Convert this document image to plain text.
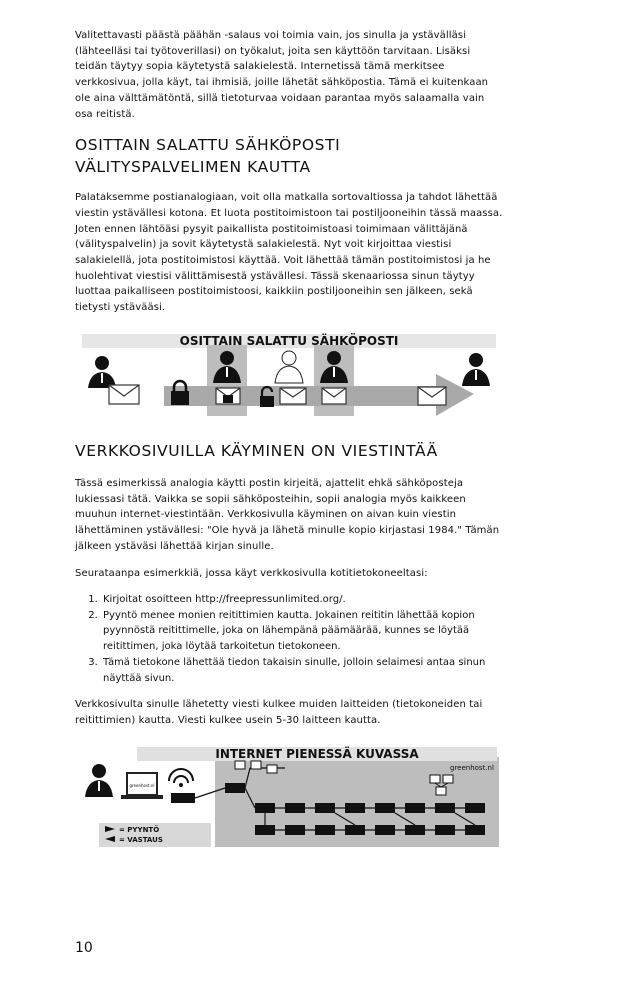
Valitettavasti päästä päähän -salaus voi toimia vain, jos sinulla ja ystävälläsi (lähteelläsi tai työtoverillasi) on työkalut, joita sen käyttöön tarvitaan. Lisäksi teidän täytyy sopia käytetystä salakielestä. Internetissä tämä merkitsee verkkosivua, jolla käyt, tai ihmisiä, joille lähetät sähköpostia. Tämä ei kuitenkaan ole aina välttämätöntä, sillä tietoturvaa voidaan parantaa myös salaamalla vain osa reitistä.

OSITTAIN SALATTU SÄHKÖPOSTI VÄLITYSPALVELIMEN KAUTTA

Palataksemme postianalogiaan, voit olla matkalla sortovaltiossa ja tahdot lähettää viestin ystävällesi kotona. Et luota postitoimistoon tai postiljooneihin tässä maassa. Joten ennen lähtöäsi pysyit paikallista postitoimistoasi toimimaan välittäjänä (välityspalvelin) ja sovit käytetystä salakielestä. Nyt voit kirjoittaa viestisi salakielellä, jota postitoimistosi käyttää. Voit lähettää tämän postitoimistosi ja he huolehtivat viestisi välittämisestä ystävällesi. Tässä skenaariossa sinun täytyy luottaa paikalliseen postitoimistoosi, kaikkiin postiljooneihin sen jälkeen, sekä tietysti ystävääsi.

OSITTAIN SALATTU SÄHKÖPOSTI
VERKKOSIVUILLA KÄYMINEN ON VIESTINTÄÄ

Tässä esimerkissä analogia käytti postin kirjeitä, ajattelit ehkä sähköposteja lukiessasi tätä. Vaikka se sopii sähköposteihin, sopii analogia myös kaikkeen muuhun internet-viestintään. Verkkosivulla käyminen on aivan kuin viestin lähettäminen ystävällesi: "Ole hyvä ja lähetä minulle kopio kirjastasi 1984." Tämän jälkeen ystäväsi lähettää kirjan sinulle.

Seurataanpa esimerkkiä, jossa käyt verkkosivulla kotitietokoneeltasi:

1. Kirjoitat osoitteen http://freepressunlimited.org/.
2. Pyyntö menee monien reitittimien kautta. Jokainen reititin lähettää kopion pyynnöstä reitittimelle, joka on lähempänä päämäärää, kunnes se löytää reitittimen, joka löytää tarkoitetun tietokoneen.
3. Tämä tietokone lähettää tiedon takaisin sinulle, jolloin selaimesi antaa sinun näyttää sivun.

Verkkosivulta sinulle lähetetty viesti kulkee muiden laitteiden (tietokoneiden tai reitittimien) kautta. Viesti kulkee usein 5-30 laitteen kautta.

= PYYNTÖ
= VASTAUS
greenhost.nl
greenhost.nl
INTERNET PIENESSÄ KUVASSA
10
